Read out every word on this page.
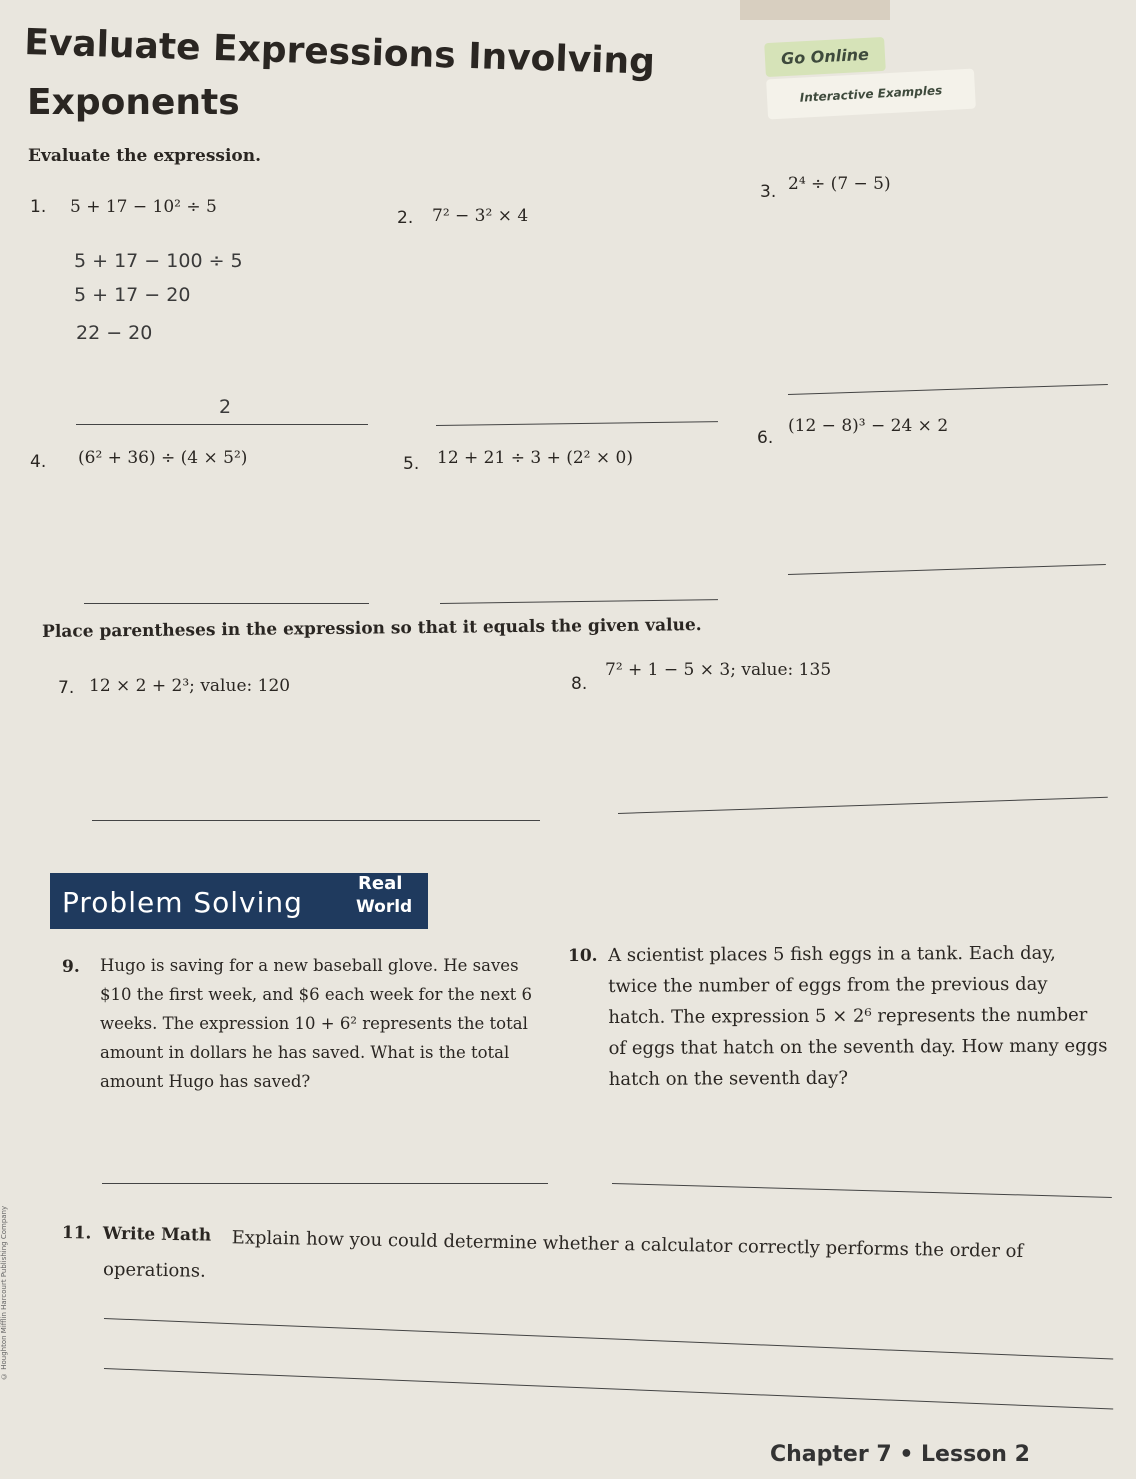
Evaluate Expressions Involving
Exponents
Go Online
Interactive Examples
Evaluate the expression.
1. 5 + 17 − 10² ÷ 5
2. 7² − 3² × 4
3. 2⁴ ÷ (7 − 5)
5 + 17 − 100 ÷ 5
5 + 17 − 20
22 − 20
2
4. (6² + 36) ÷ (4 × 5²)	5. 12 + 21 ÷ 3 + (2² × 0)
6.
(12 − 8)³ − 24 × 2
Place parentheses in the expression so that it equals the given value.
7. 12 × 2 + 2³; value: 120	8.
7² + 1 − 5 × 3; value: 135
Problem Solving
Real
World
9. Hugo is saving for a new baseball glove. He saves $10 the first week, and $6 each week for the next 6 weeks. The expression 10 + 6² represents the total amount in dollars he has saved. What is the total amount Hugo has saved?
10. A scientist places 5 fish eggs in a tank. Each day, twice the number of eggs from the previous day hatch. The expression 5 × 2⁶ represents the number of eggs that hatch on the seventh day. How many eggs hatch on the seventh day?
11. Write Math	Explain how you could determine whether a calculator correctly performs the order of operations.
© Houghton Mifflin Harcourt Publishing Company
Chapter 7 • Lesson 2
